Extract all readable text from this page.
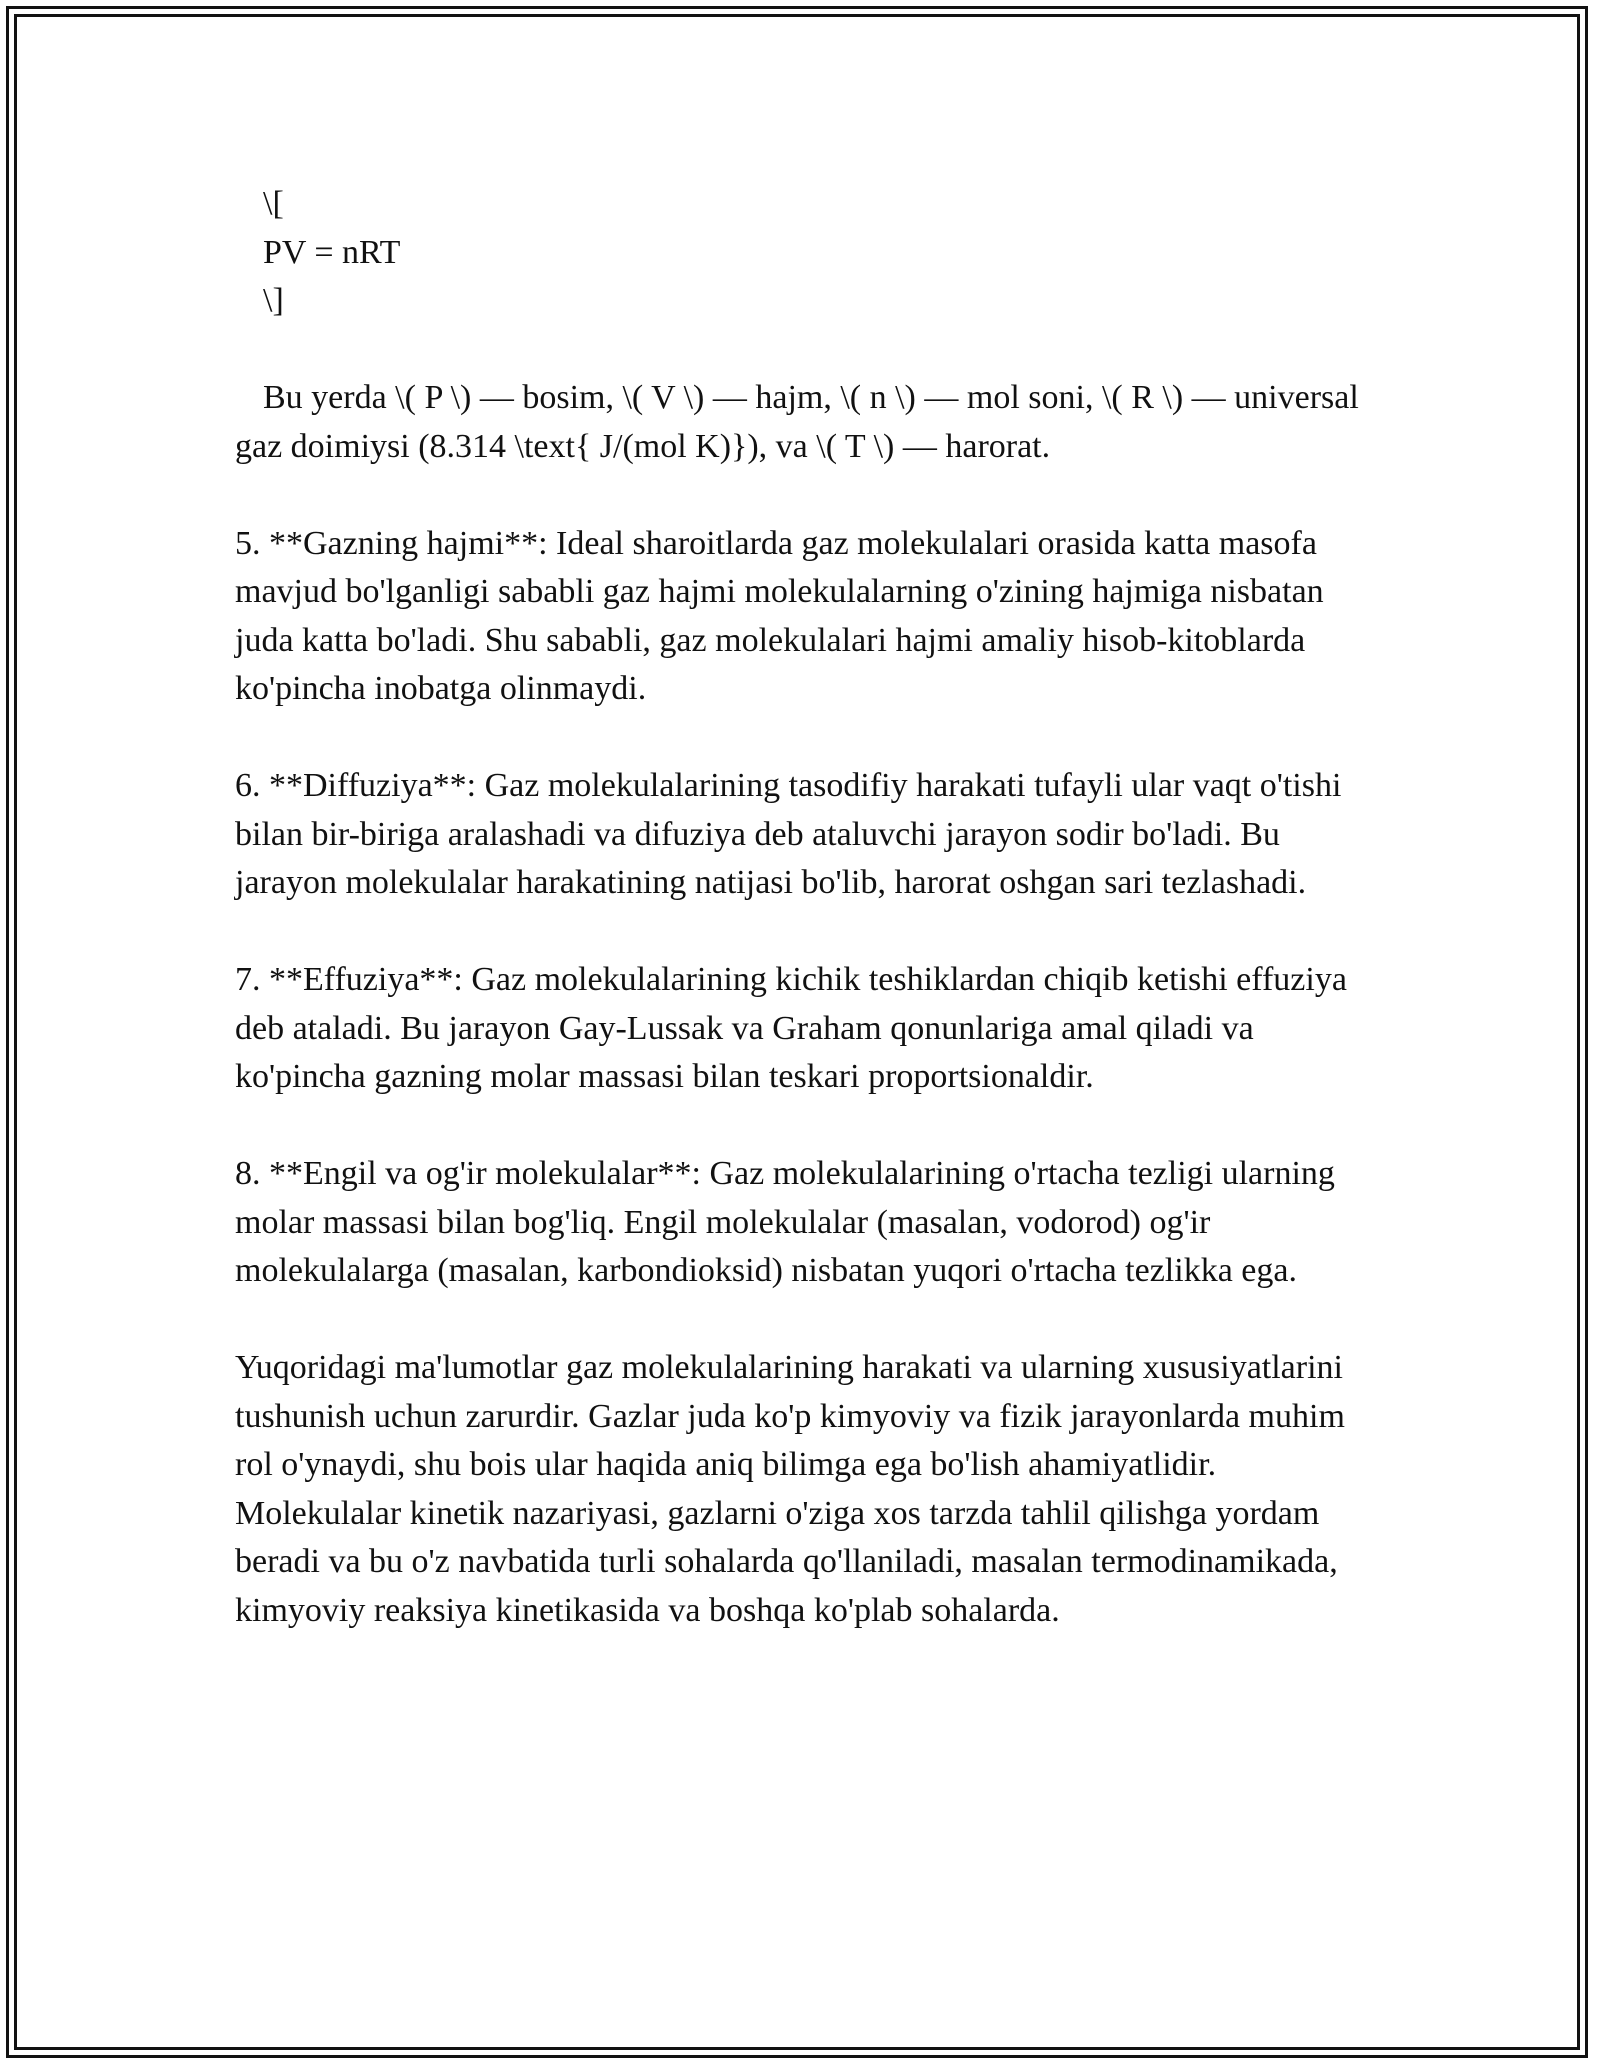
\[
PV = nRT
\]

Bu yerda \( P \) — bosim, \( V \) — hajm, \( n \) — mol soni, \( R \) — universal gaz doimiysi (8.314 \text{ J/(mol K)}), va \( T \) — harorat.

5. **Gazning hajmi**: Ideal sharoitlarda gaz molekulalari orasida katta masofa mavjud bo'lganligi sababli gaz hajmi molekulalarning o'zining hajmiga nisbatan juda katta bo'ladi. Shu sababli, gaz molekulalari hajmi amaliy hisob-kitoblarda ko'pincha inobatga olinmaydi.

6. **Diffuziya**: Gaz molekulalarining tasodifiy harakati tufayli ular vaqt o'tishi bilan bir-biriga aralashadi va difuziya deb ataluvchi jarayon sodir bo'ladi. Bu jarayon molekulalar harakatining natijasi bo'lib, harorat oshgan sari tezlashadi.

7. **Effuziya**: Gaz molekulalarining kichik teshiklardan chiqib ketishi effuziya deb ataladi. Bu jarayon Gay-Lussak va Graham qonunlariga amal qiladi va ko'pincha gazning molar massasi bilan teskari proportsionaldir.

8. **Engil va og'ir molekulalar**: Gaz molekulalarining o'rtacha tezligi ularning molar massasi bilan bog'liq. Engil molekulalar (masalan, vodorod) og'ir molekulalarga (masalan, karbondioksid) nisbatan yuqori o'rtacha tezlikka ega.

Yuqoridagi ma'lumotlar gaz molekulalarining harakati va ularning xususiyatlarini tushunish uchun zarurdir. Gazlar juda ko'p kimyoviy va fizik jarayonlarda muhim rol o'ynaydi, shu bois ular haqida aniq bilimga ega bo'lish ahamiyatlidir. Molekulalar kinetik nazariyasi, gazlarni o'ziga xos tarzda tahlil qilishga yordam beradi va bu o'z navbatida turli sohalarda qo'llaniladi, masalan termodinamikada, kimyoviy reaksiya kinetikasida va boshqa ko'plab sohalarda.
